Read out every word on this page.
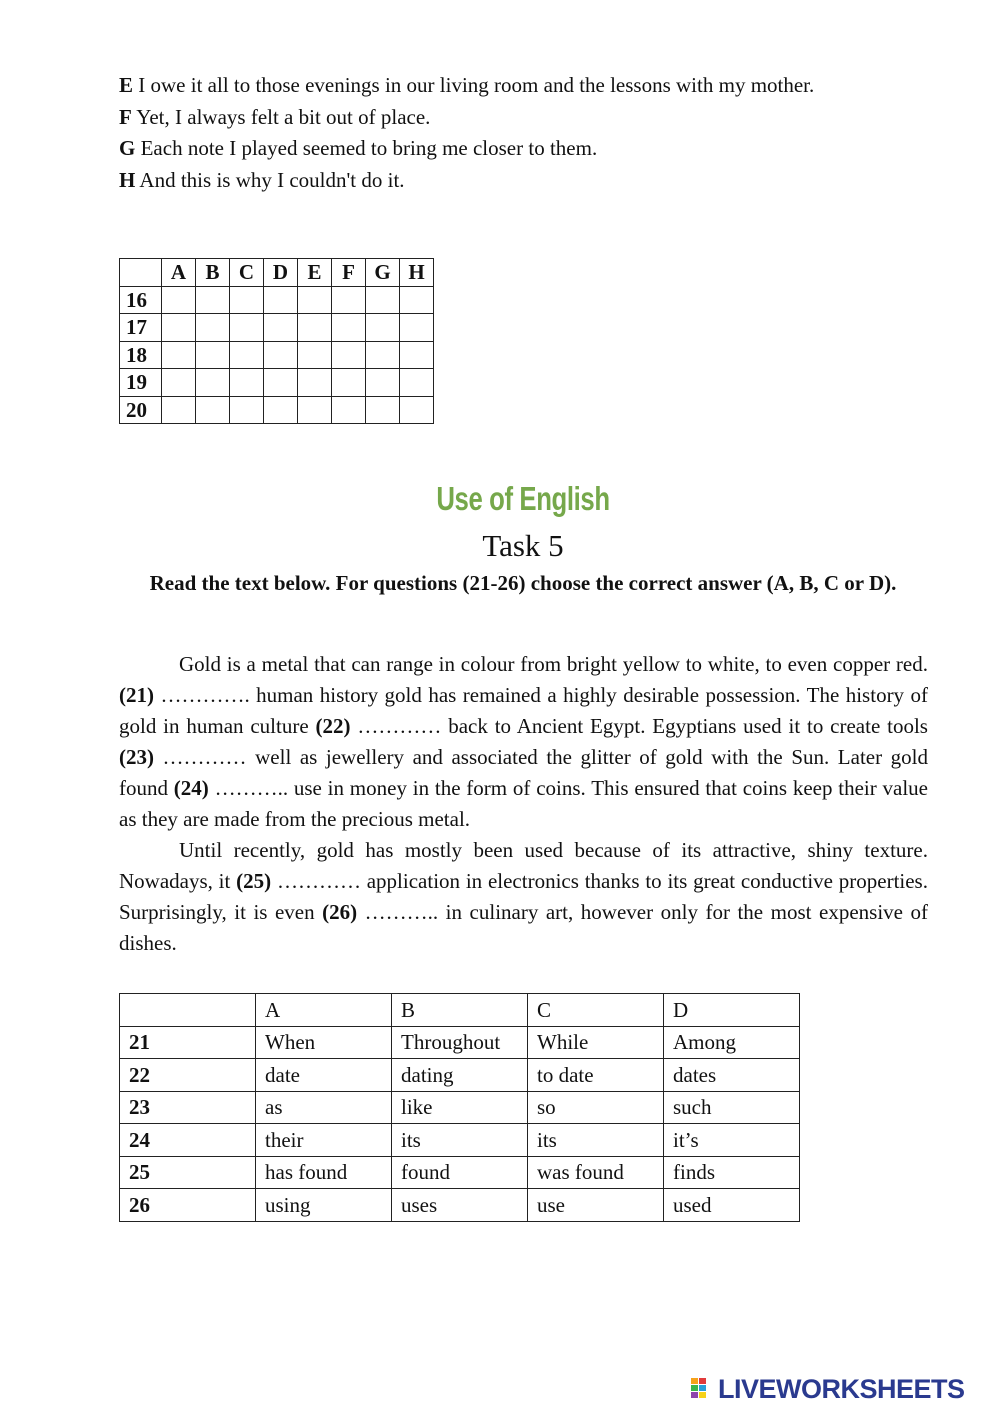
E I owe it all to those evenings in our living room and the lessons with my mother.
F Yet, I always felt a bit out of place.
G Each note I played seemed to bring me closer to them.
H And this is why I couldn't do it.
	A	B	C	D	E	F	G	H
16								
17								
18								
19								
20								
Use of English
Task 5
Read the text below. For questions (21-26) choose the correct answer (A, B, C or D).

Gold is a metal that can range in colour from bright yellow to white, to even copper red. (21) …………. human history gold has remained a highly desirable possession. The history of gold in human culture (22) ………… back to Ancient Egypt. Egyptians used it to create tools (23) ………… well as jewellery and associated the glitter of gold with the Sun. Later gold found (24) ……….. use in money in the form of coins. This ensured that coins keep their value as they are made from the precious metal.

Until recently, gold has mostly been used because of its attractive, shiny texture. Nowadays, it (25) ………… application in electronics thanks to its great conductive properties. Surprisingly, it is even (26) ……….. in culinary art, however only for the most expensive of dishes.

	A	B	C	D
21	When	Throughout	While	Among
22	date	dating	to date	dates
23	as	like	so	such
24	their	its	its	it’s
25	has found	found	was found	finds
26	using	uses	use	used
LIVEWORKSHEETS
